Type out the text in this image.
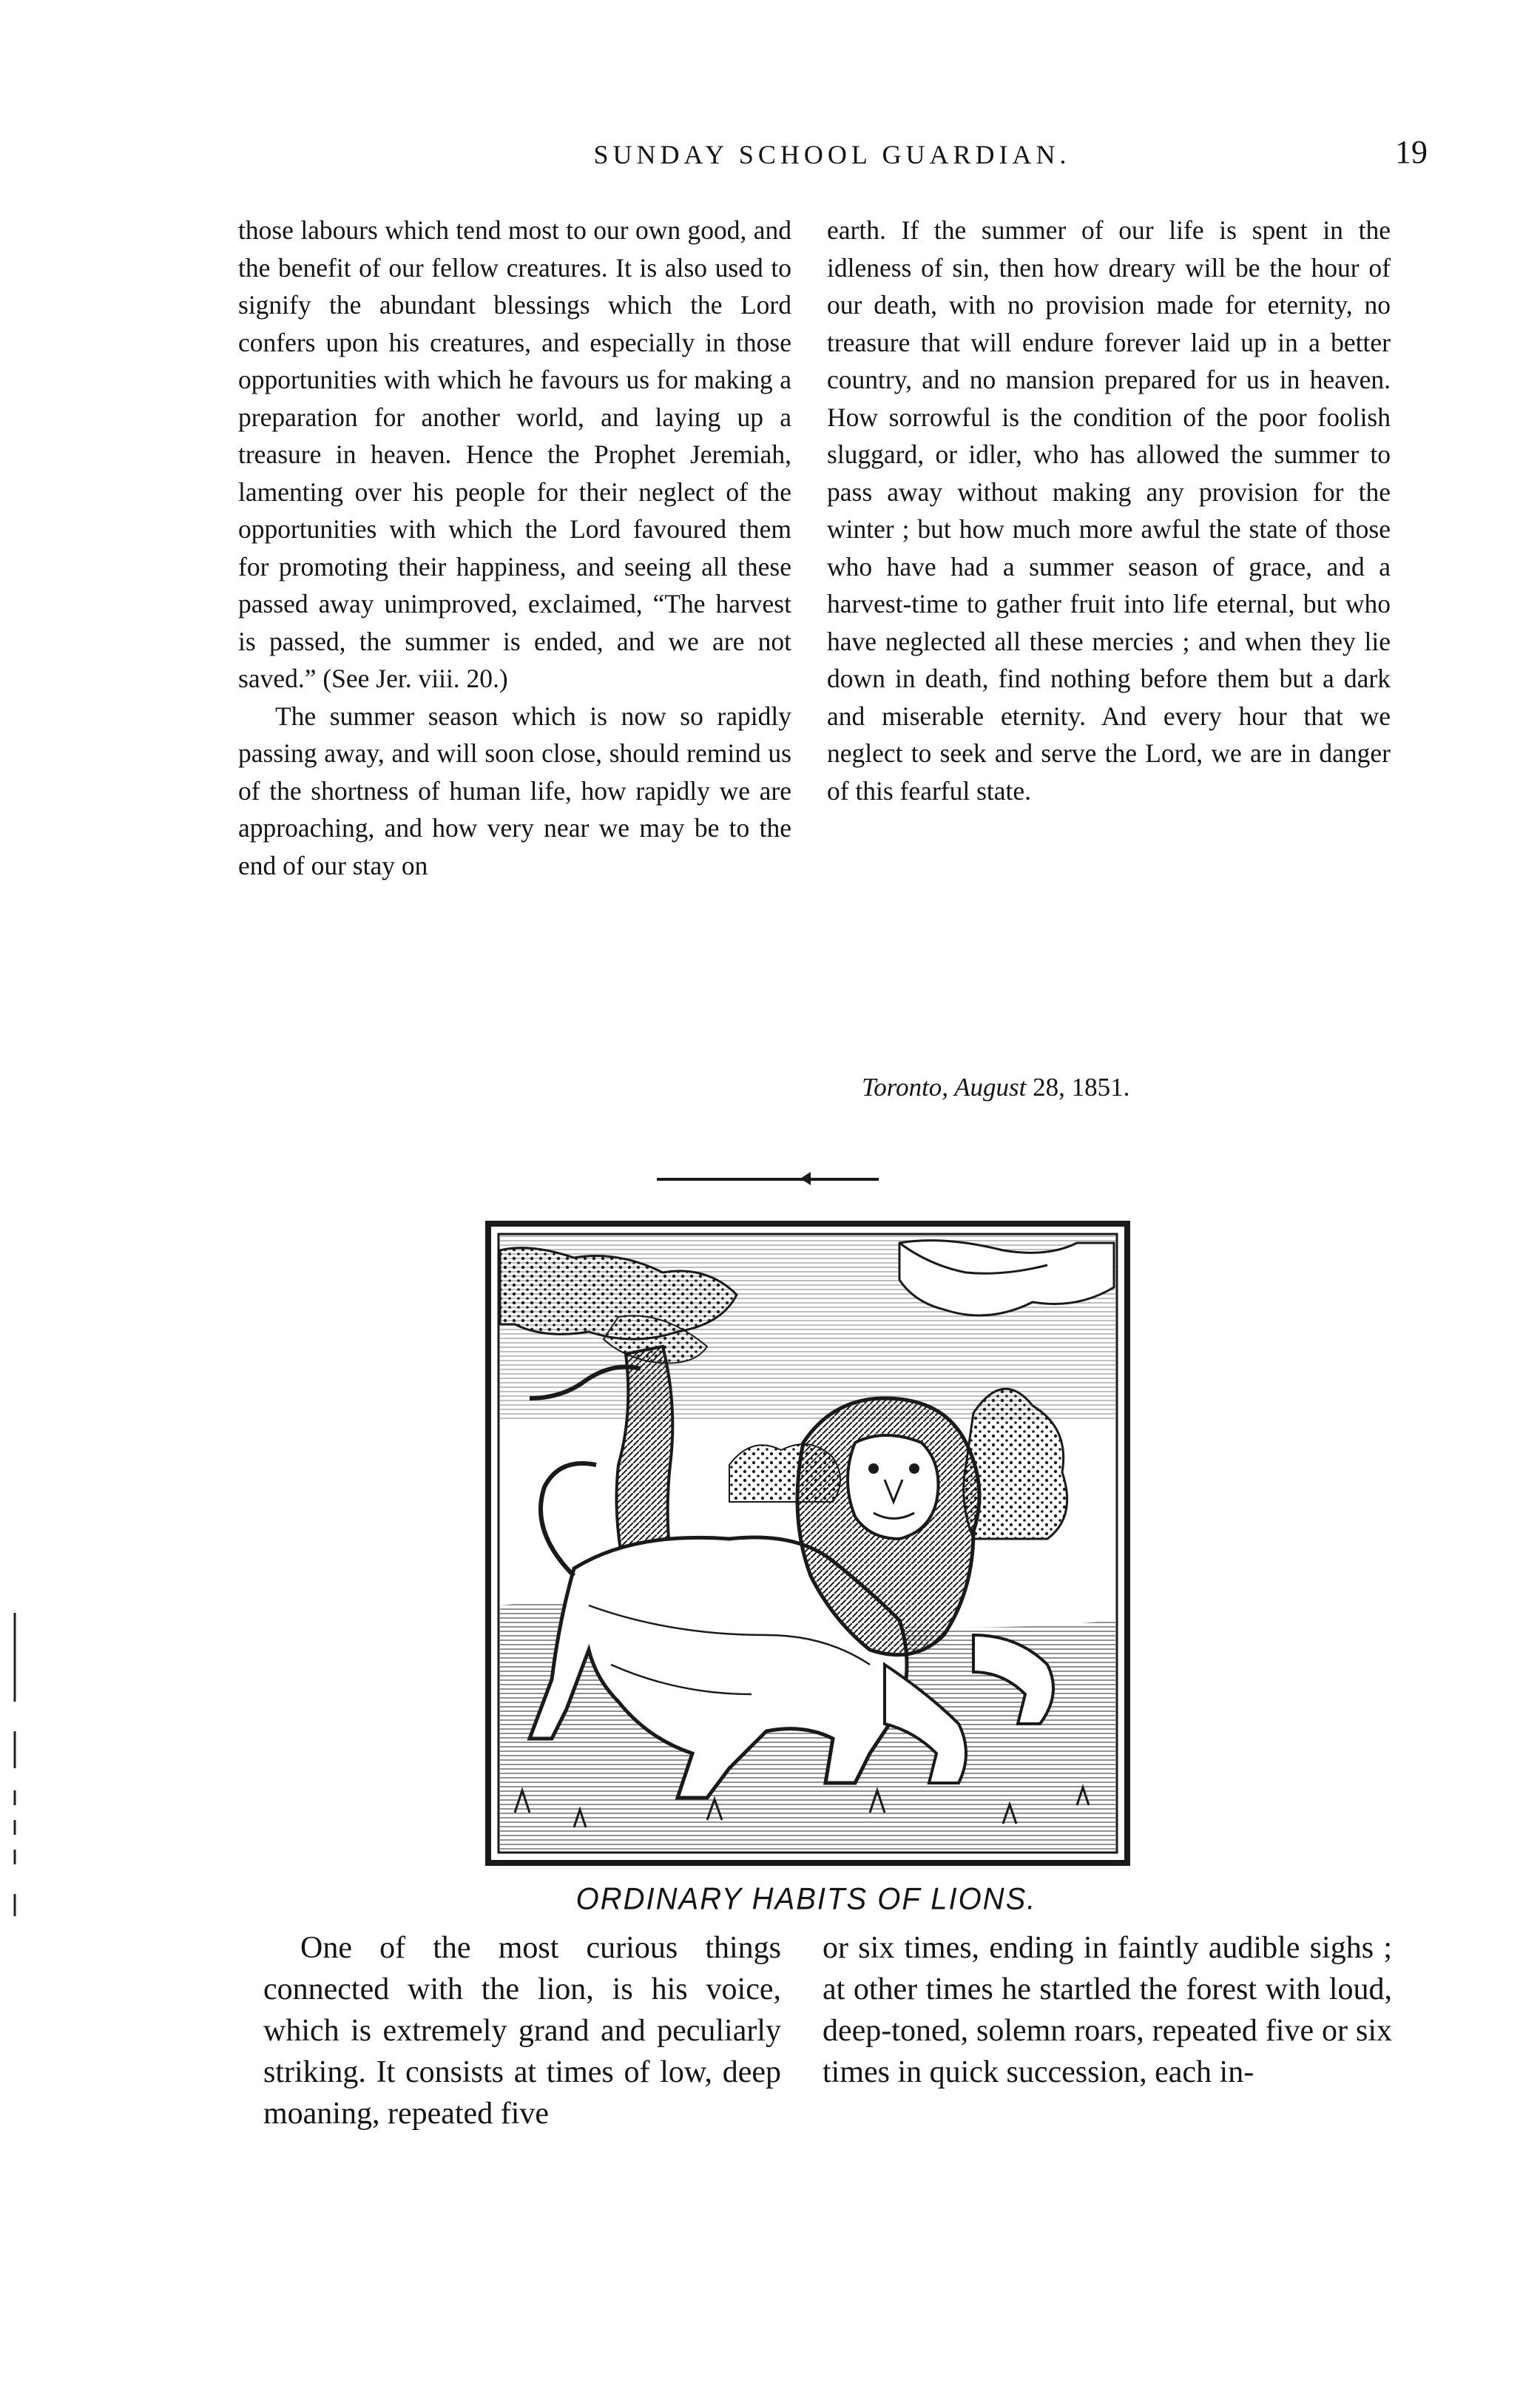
SUNDAY SCHOOL GUARDIAN.	19

those labours which tend most to our own good, and the benefit of our fellow creatures. It is also used to signify the abundant blessings which the Lord confers upon his creatures, and especially in those opportunities with which he favours us for making a preparation for another world, and laying up a treasure in heaven. Hence the Prophet Jeremiah, lamenting over his people for their neglect of the opportunities with which the Lord favoured them for promoting their happiness, and seeing all these passed away unimproved, exclaimed, “The harvest is passed, the summer is ended, and we are not saved.” (See Jer. viii. 20.)

The summer season which is now so rapidly passing away, and will soon close, should remind us of the shortness of human life, how rapidly we are approaching, and how very near we may be to the end of our stay on

earth. If the summer of our life is spent in the idleness of sin, then how dreary will be the hour of our death, with no provision made for eternity, no treasure that will endure forever laid up in a better country, and no mansion prepared for us in heaven. How sorrowful is the condition of the poor foolish sluggard, or idler, who has allowed the summer to pass away without making any provision for the winter ; but how much more awful the state of those who have had a summer season of grace, and a harvest-time to gather fruit into life eternal, but who have neglected all these mercies ; and when they lie down in death, find nothing before them but a dark and miserable eternity. And every hour that we neglect to seek and serve the Lord, we are in danger of this fearful state.

Toronto, August 28, 1851.
ORDINARY HABITS OF LIONS.

One of the most curious things connected with the lion, is his voice, which is extremely grand and peculiarly striking. It consists at times of low, deep moaning, repeated five

or six times, ending in faintly audible sighs ; at other times he startled the forest with loud, deep-toned, solemn roars, repeated five or six times in quick succession, each in-
